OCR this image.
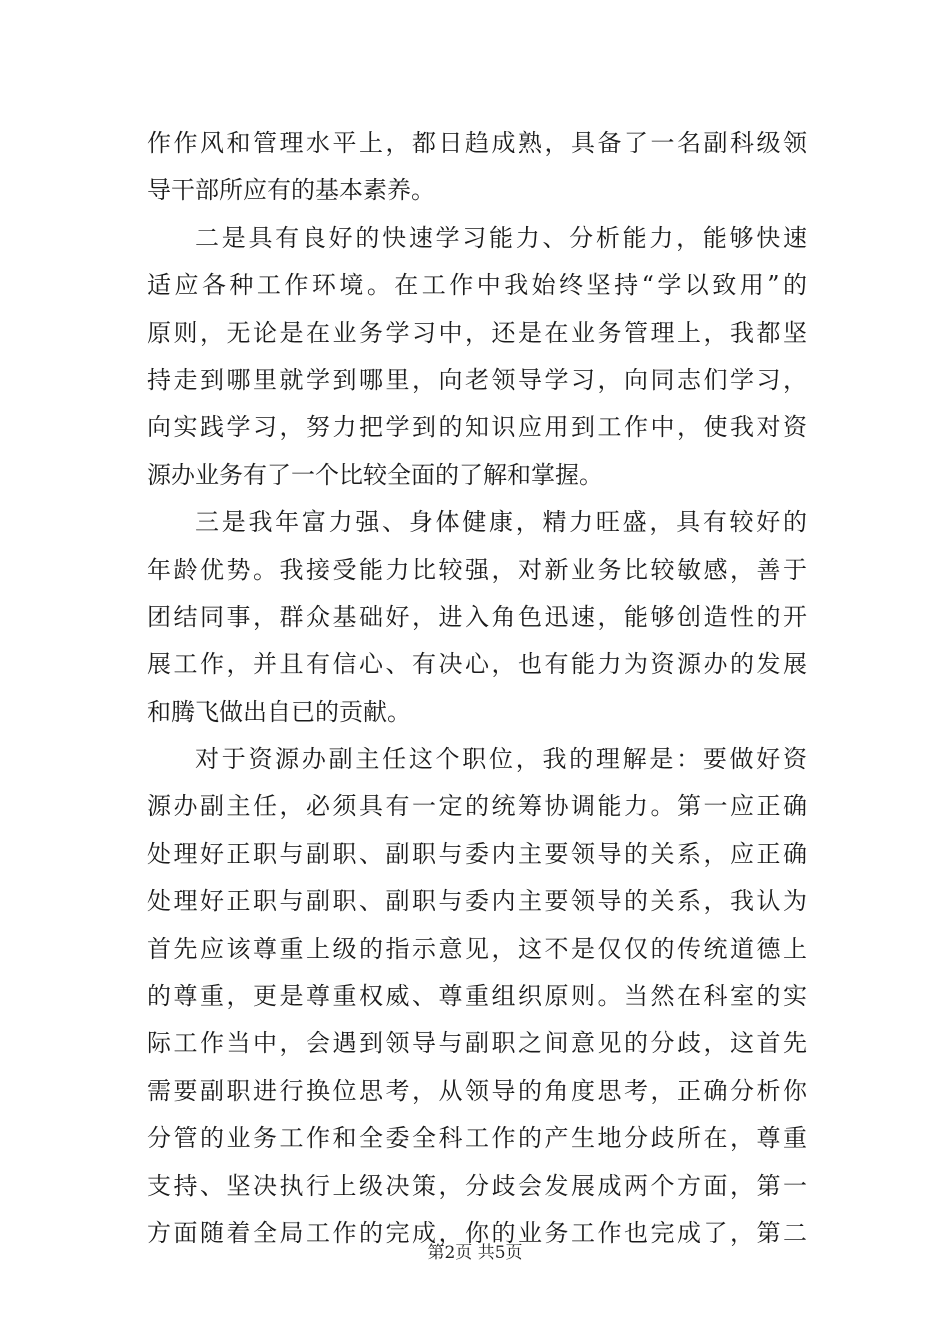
作作风和管理水平上，都日趋成熟，具备了一名副科级领
导干部所应有的基本素养。
二是具有良好的快速学习能力、分析能力，能够快速
适应各种工作环境。在工作中我始终坚持“学以致用”的
原则，无论是在业务学习中，还是在业务管理上，我都坚
持走到哪里就学到哪里，向老领导学习，向同志们学习，
向实践学习，努力把学到的知识应用到工作中，使我对资
源办业务有了一个比较全面的了解和掌握。
三是我年富力强、身体健康，精力旺盛，具有较好的
年龄优势。我接受能力比较强，对新业务比较敏感，善于
团结同事，群众基础好，进入角色迅速，能够创造性的开
展工作，并且有信心、有决心，也有能力为资源办的发展
和腾飞做出自已的贡献。
对于资源办副主任这个职位，我的理解是：要做好资
源办副主任，必须具有一定的统筹协调能力。第一应正确
处理好正职与副职、副职与委内主要领导的关系，应正确
处理好正职与副职、副职与委内主要领导的关系，我认为
首先应该尊重上级的指示意见，这不是仅仅的传统道德上
的尊重，更是尊重权威、尊重组织原则。当然在科室的实
际工作当中，会遇到领导与副职之间意见的分歧，这首先
需要副职进行换位思考，从领导的角度思考，正确分析你
分管的业务工作和全委全科工作的产生地分歧所在，尊重
支持、坚决执行上级决策，分歧会发展成两个方面，第一
方面随着全局工作的完成，你的业务工作也完成了，第二
第2页 共5页
